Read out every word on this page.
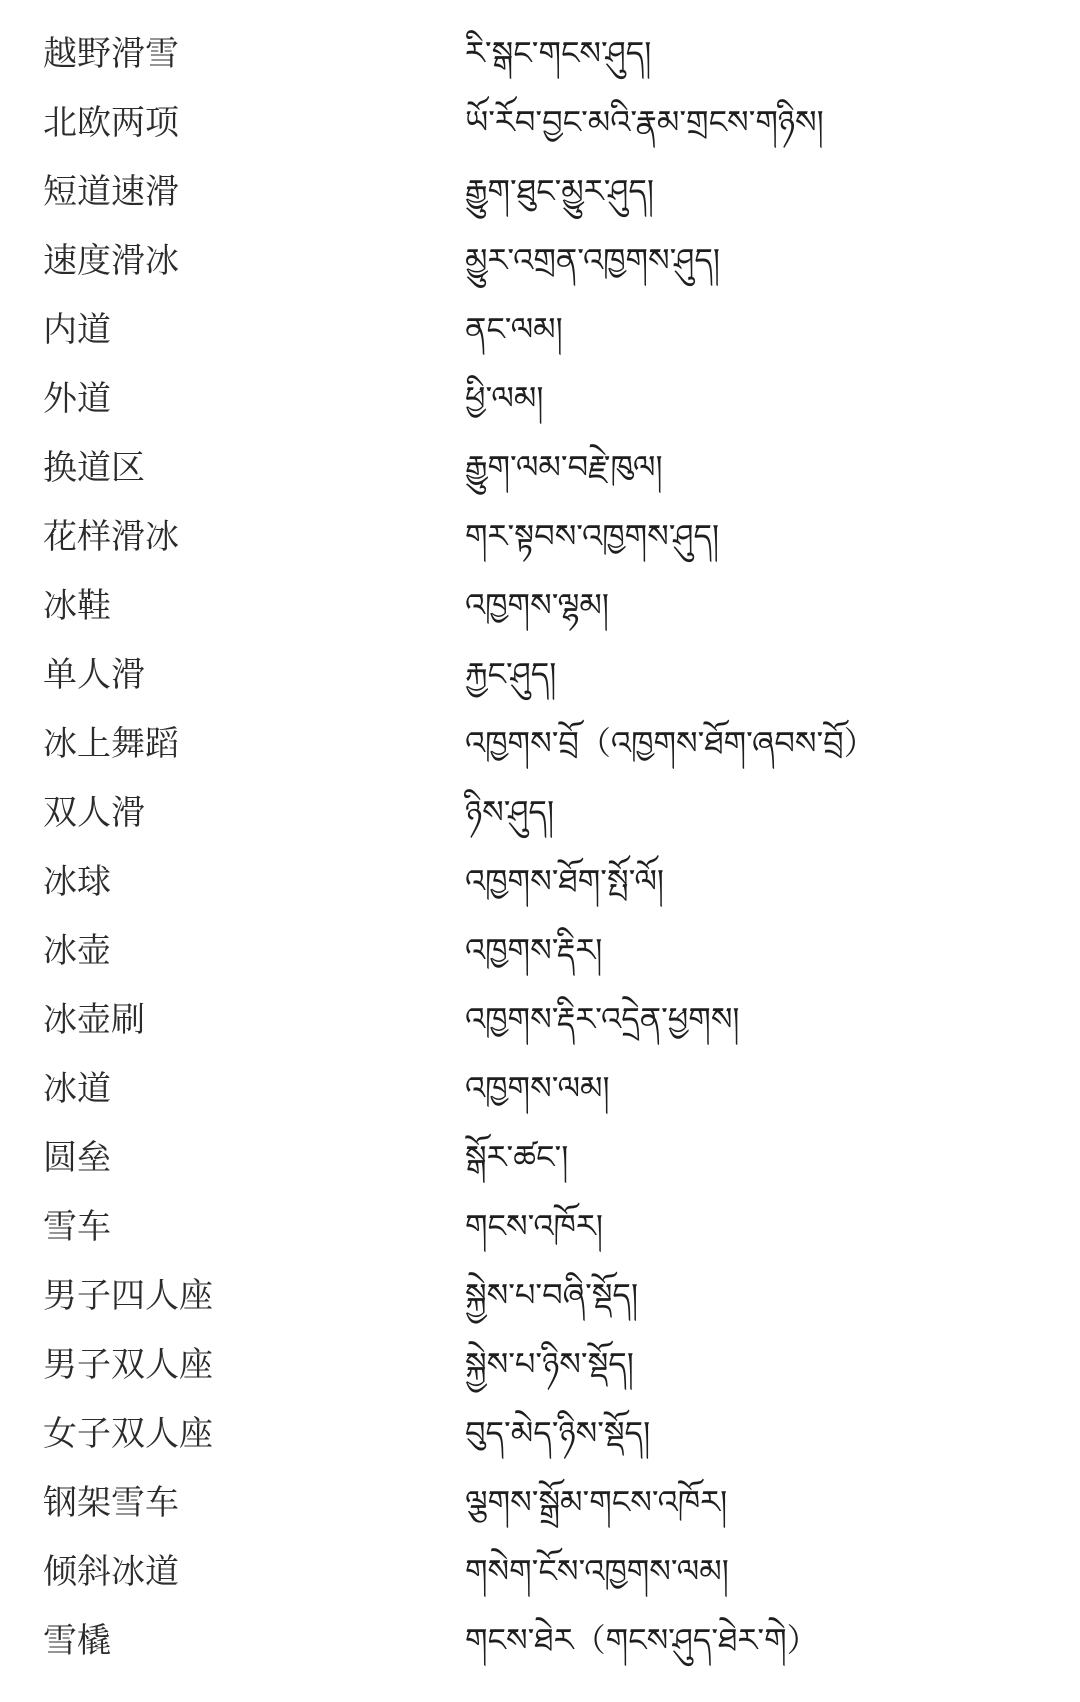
越野滑雪	རི་སྒང་གངས་ཤུད།
北欧两项	ཡོ་རོབ་བྱང་མའི་རྣམ་གྲངས་གཉིས།
短道速滑	རྒྱུག་ཐུང་མྱུར་ཤུད།
速度滑冰	མྱུར་འགྲན་འཁྱགས་ཤུད།
内道	ནང་ལམ།
外道	ཕྱི་ལམ།
换道区	རྒྱུག་ལམ་བརྗེ་ཁུལ།
花样滑冰	གར་སྟབས་འཁྱགས་ཤུད།
冰鞋	འཁྱགས་ལྷམ།
单人滑	རྐྱང་ཤུད།
冰上舞蹈	འཁྱགས་བྲོ（འཁྱགས་ཐོག་ཞབས་བྲོ）
双人滑	ཉིས་ཤུད།
冰球	འཁྱགས་ཐོག་སྤོ་ལོ།
冰壶	འཁྱགས་རྡིར།
冰壶刷	འཁྱགས་རྡིར་འདྲེན་ཕྱགས།
冰道	འཁྱགས་ལམ།
圆垒	སྒོར་ཚང་།
雪车	གངས་འཁོར།
男子四人座	སྐྱེས་པ་བཞི་སྡོད།
男子双人座	སྐྱེས་པ་ཉིས་སྡོད།
女子双人座	བུད་མེད་ཉིས་སྡོད།
钢架雪车	ལྕགས་སྒྲོམ་གངས་འཁོར།
倾斜冰道	གསེག་ངོས་འཁྱགས་ལམ།
雪橇	གངས་ཐེར（གངས་ཤུད་ཐེར་གེ）
